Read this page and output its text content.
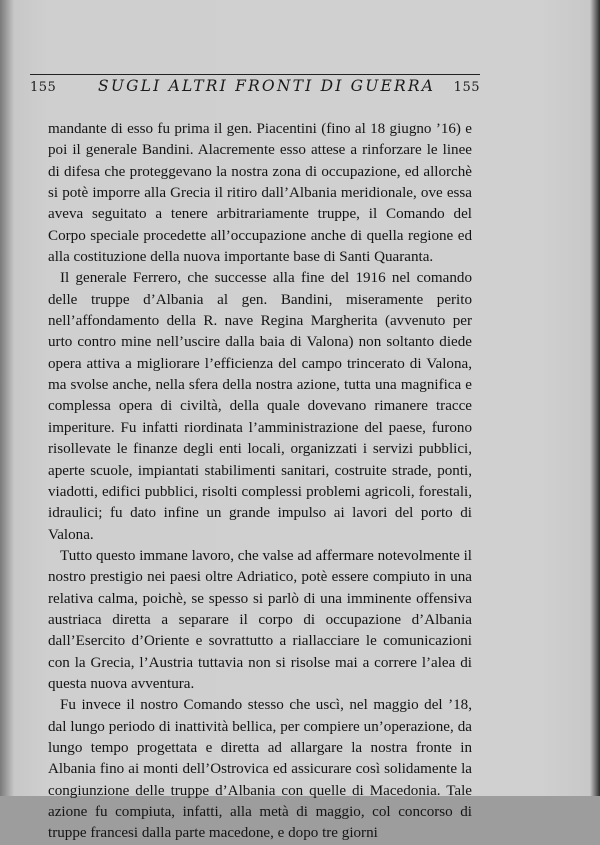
155	SUGLI ALTRI FRONTI DI GUERRA 155

mandante di esso fu prima il gen. Piacentini (fino al 18 giugno ’16) e poi il generale Bandini. Alacremente esso attese a rinforzare le linee di difesa che proteggevano la nostra zona di occupazione, ed allorchè si potè imporre alla Grecia il ritiro dall’Albania meridionale, ove essa aveva seguitato a tenere arbitrariamente truppe, il Comando del Corpo speciale procedette all’occupazione anche di quella regione ed alla costituzione della nuova importante base di Santi Quaranta.

Il generale Ferrero, che successe alla fine del 1916 nel comando delle truppe d’Albania al gen. Bandini, miseramente perito nell’affondamento della R. nave Regina Margherita (avvenuto per urto contro mine nell’uscire dalla baia di Valona) non soltanto diede opera attiva a migliorare l’efficienza del campo trincerato di Valona, ma svolse anche, nella sfera della nostra azione, tutta una magnifica e complessa opera di civiltà, della quale dovevano rimanere tracce imperiture. Fu infatti riordinata l’amministrazione del paese, furono risollevate le finanze degli enti locali, organizzati i servizi pubblici, aperte scuole, impiantati stabilimenti sanitari, costruite strade, ponti, viadotti, edifici pubblici, risolti complessi problemi agricoli, forestali, idraulici; fu dato infine un grande impulso ai lavori del porto di Valona.

Tutto questo immane lavoro, che valse ad affermare notevolmente il nostro prestigio nei paesi oltre Adriatico, potè essere compiuto in una relativa calma, poichè, se spesso si parlò di una imminente offensiva austriaca diretta a separare il corpo di occupazione d’Albania dall’Esercito d’Oriente e sovrattutto a riallacciare le comunicazioni con la Grecia, l’Austria tuttavia non si risolse mai a correre l’alea di questa nuova avventura.

Fu invece il nostro Comando stesso che uscì, nel maggio del ’18, dal lungo periodo di inattività bellica, per compiere un’operazione, da lungo tempo progettata e diretta ad allargare la nostra fronte in Albania fino ai monti dell’Ostrovica ed assicurare così solidamente la congiunzione delle truppe d’Albania con quelle di Macedonia. Tale azione fu compiuta, infatti, alla metà di maggio, col concorso di truppe francesi dalla parte macedone, e dopo tre giorni
